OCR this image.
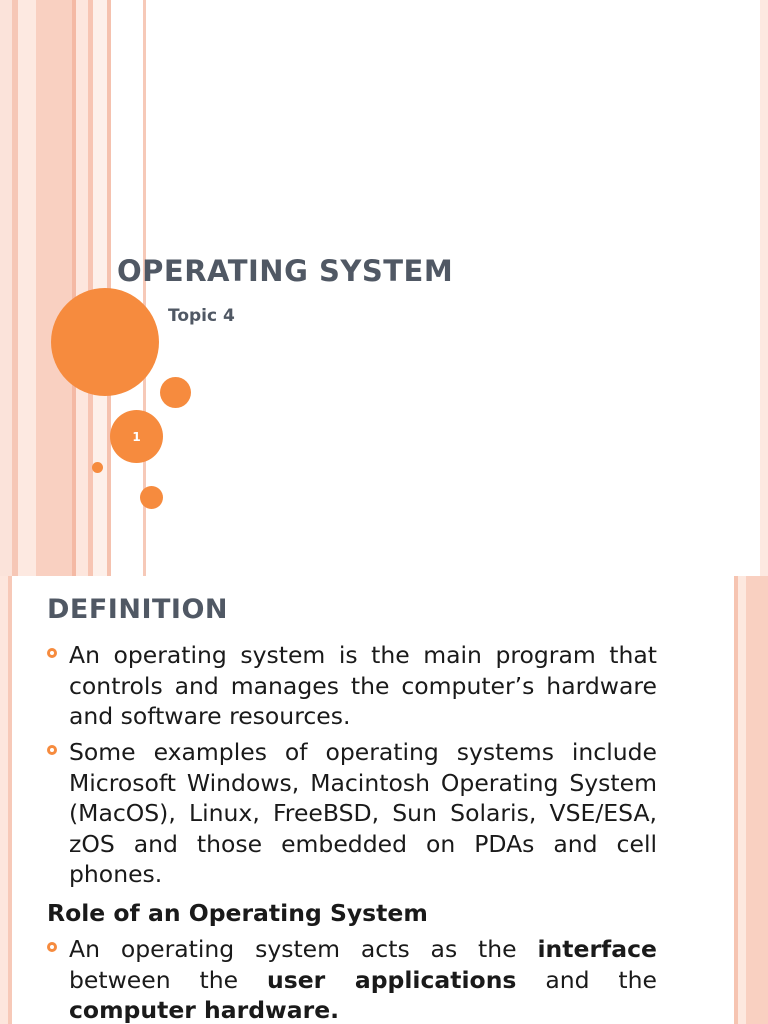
1
OPERATING SYSTEM
Topic 4
DEFINITION
An operating system is the main program that controls and manages the computer’s hardware and software resources.
Some examples of operating systems include Microsoft Windows, Macintosh Operating System (MacOS), Linux, FreeBSD, Sun Solaris, VSE/ESA, zOS and those embedded on PDAs and cell phones.
Role of an Operating System
An operating system acts as the interface between the user applications and the computer hardware.
